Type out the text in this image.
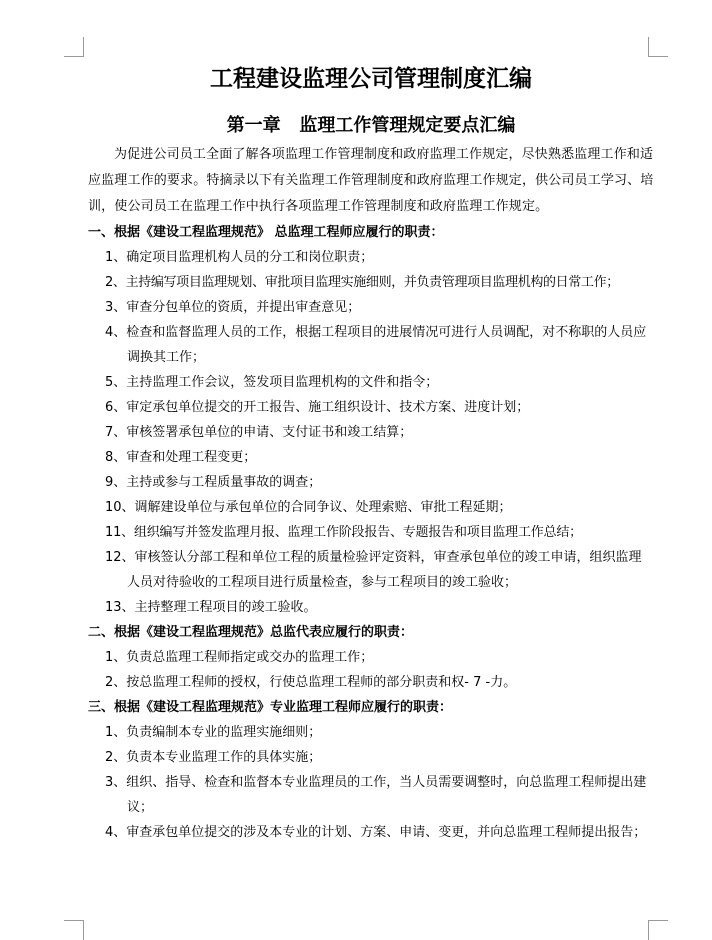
工程建设监理公司管理制度汇编
第一章   监理工作管理规定要点汇编

为促进公司员工全面了解各项监理工作管理制度和政府监理工作规定，尽快熟悉监理工作和适应监理工作的要求。特摘录以下有关监理工作管理制度和政府监理工作规定，供公司员工学习、培训，使公司员工在监理工作中执行各项监理工作管理制度和政府监理工作规定。

一、根据《建设工程监理规范》 总监理工程师应履行的职责：

1、确定项目监理机构人员的分工和岗位职责；

2、主持编写项目监理规划、审批项目监理实施细则，并负责管理项目监理机构的日常工作；

3、审查分包单位的资质，并提出审查意见；

4、检查和监督监理人员的工作，根据工程项目的进展情况可进行人员调配，对不称职的人员应调换其工作；

5、主持监理工作会议，签发项目监理机构的文件和指令；

6、审定承包单位提交的开工报告、施工组织设计、技术方案、进度计划；

7、审核签署承包单位的申请、支付证书和竣工结算；

8、审查和处理工程变更；

9、主持或参与工程质量事故的调查；

10、调解建设单位与承包单位的合同争议、处理索赔、审批工程延期；

11、组织编写并签发监理月报、监理工作阶段报告、专题报告和项目监理工作总结；

12、审核签认分部工程和单位工程的质量检验评定资料，审查承包单位的竣工申请，组织监理人员对待验收的工程项目进行质量检查，参与工程项目的竣工验收；

13、主持整理工程项目的竣工验收。

二、根据《建设工程监理规范》总监代表应履行的职责：

1、负责总监理工程师指定或交办的监理工作；

2、按总监理工程师的授权，行使总监理工程师的部分职责和权- 7 -力。

三、根据《建设工程监理规范》专业监理工程师应履行的职责：

1、负责编制本专业的监理实施细则；

2、负责本专业监理工作的具体实施；

3、组织、指导、检查和监督本专业监理员的工作，当人员需要调整时，向总监理工程师提出建议；

4、审查承包单位提交的涉及本专业的计划、方案、申请、变更，并向总监理工程师提出报告；
